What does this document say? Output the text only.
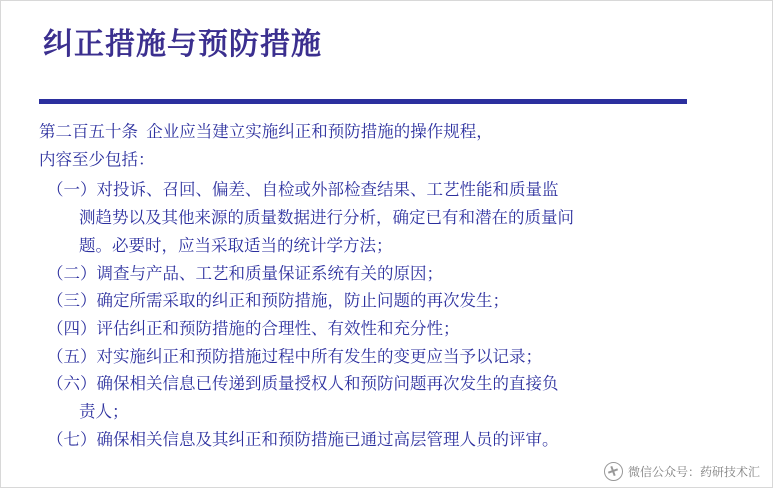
纠正措施与预防措施

第二百五十条  企业应当建立实施纠正和预防措施的操作规程，

内容至少包括：

（一）对投诉、召回、偏差、自检或外部检查结果、工艺性能和质量监

测趋势以及其他来源的质量数据进行分析，确定已有和潜在的质量问

题。必要时，应当采取适当的统计学方法；

（二）调查与产品、工艺和质量保证系统有关的原因；

（三）确定所需采取的纠正和预防措施，防止问题的再次发生；

（四）评估纠正和预防措施的合理性、有效性和充分性；

（五）对实施纠正和预防措施过程中所有发生的变更应当予以记录；

（六）确保相关信息已传递到质量授权人和预防问题再次发生的直接负

责人；

（七）确保相关信息及其纠正和预防措施已通过高层管理人员的评审。

微信公众号：药研技术汇
